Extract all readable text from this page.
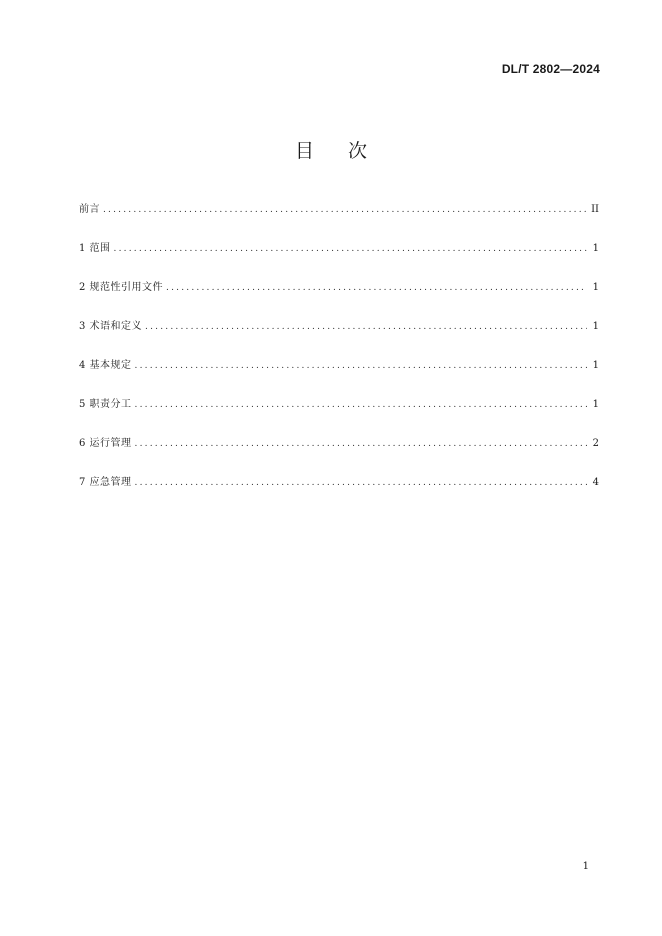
DL/T 2802—2024
目次
前言 .....	II
1 范围 .....	1
2 规范性引用文件 .....	1
3 术语和定义 .....	1
4 基本规定 .....	1
5 职责分工 .....	1
6 运行管理 .....	2
7 应急管理 .....	4
1
